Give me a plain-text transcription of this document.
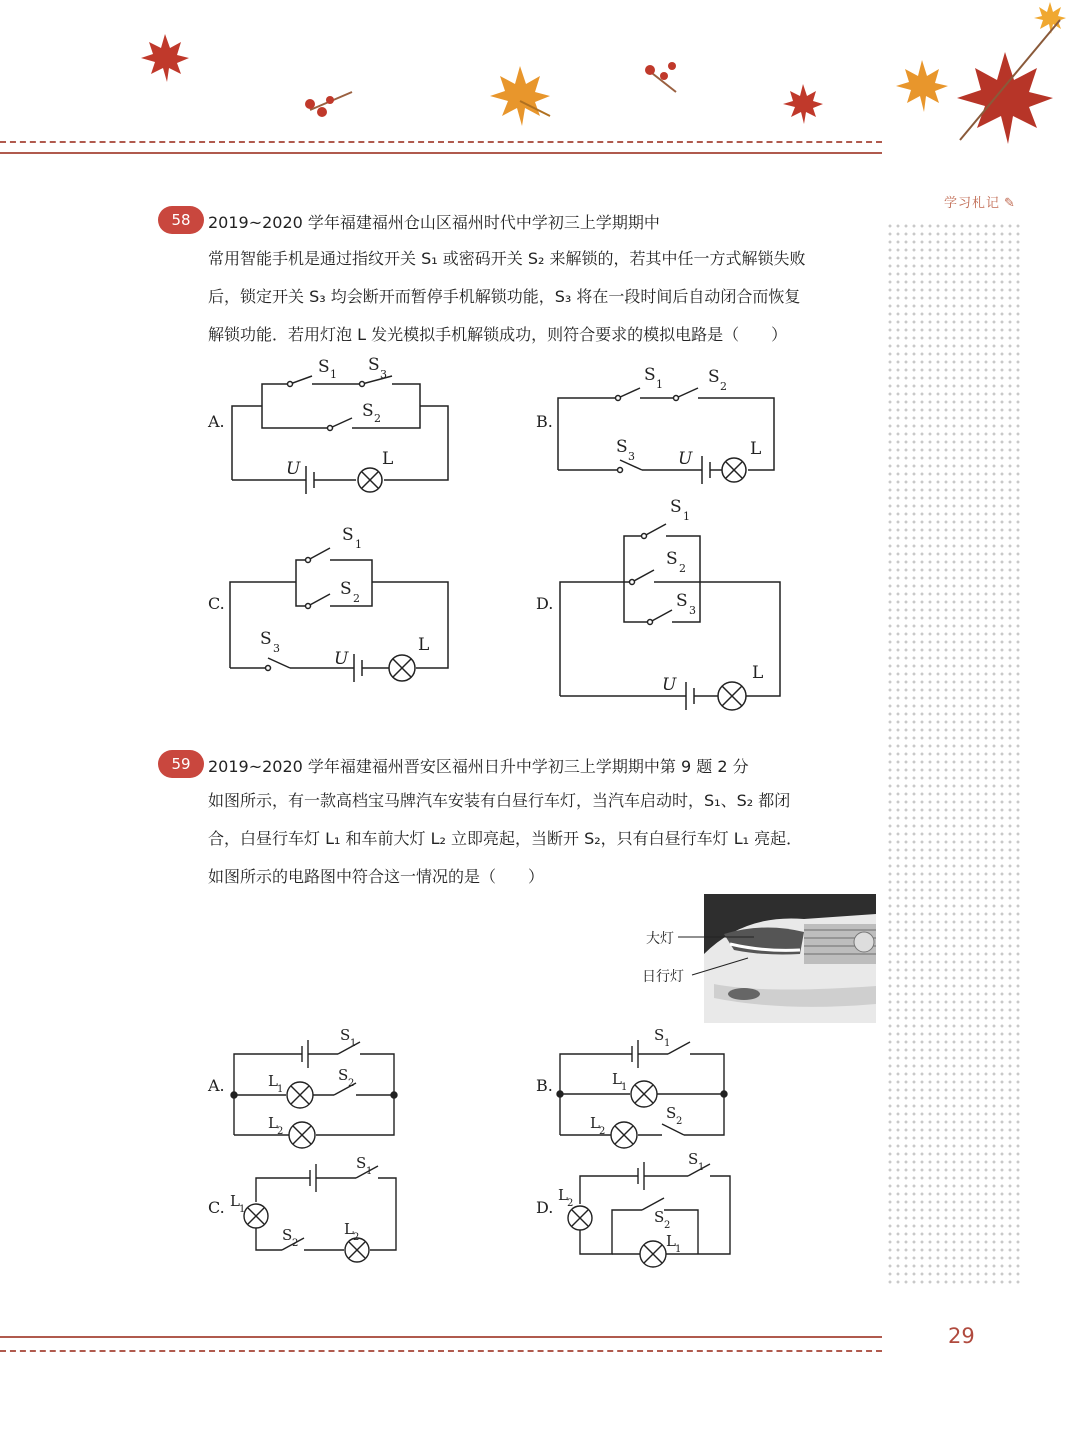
学习札记 ✎
58	2019~2020 学年福建福州仓山区福州时代中学初三上学期期中
常用智能手机是通过指纹开关 S₁ 或密码开关 S₂ 来解锁的，若其中任一方式解锁失败
后，锁定开关 S₃ 均会断开而暂停手机解锁功能，S₃ 将在一段时间后自动闭合而恢复
解锁功能．若用灯泡 L 发光模拟手机解锁成功，则符合要求的模拟电路是（　　）
A.	B.
C.	D.
S 1 S 3
S 2
U	L
S 1	S 2
S 3	U	L
S 1
S 2
S 3
U
L
S 1
S 2
S 3
U
L
59	2019~2020 学年福建福州晋安区福州日升中学初三上学期期中第 9 题 2 分
如图所示，有一款高档宝马牌汽车安装有白昼行车灯，当汽车启动时，S₁、S₂ 都闭
合，白昼行车灯 L₁ 和车前大灯 L₂ 立即亮起，当断开 S₂，只有白昼行车灯 L₁ 亮起．
如图所示的电路图中符合这一情况的是（　　）
大灯
日行灯
A.	B.
C.	D.
S 1
S 2
L 1
L 2
S 1
L 1
S 2
L 2
S 1
L 1
S 2
L 2
S 1
L 2
S 2
L 1
29
